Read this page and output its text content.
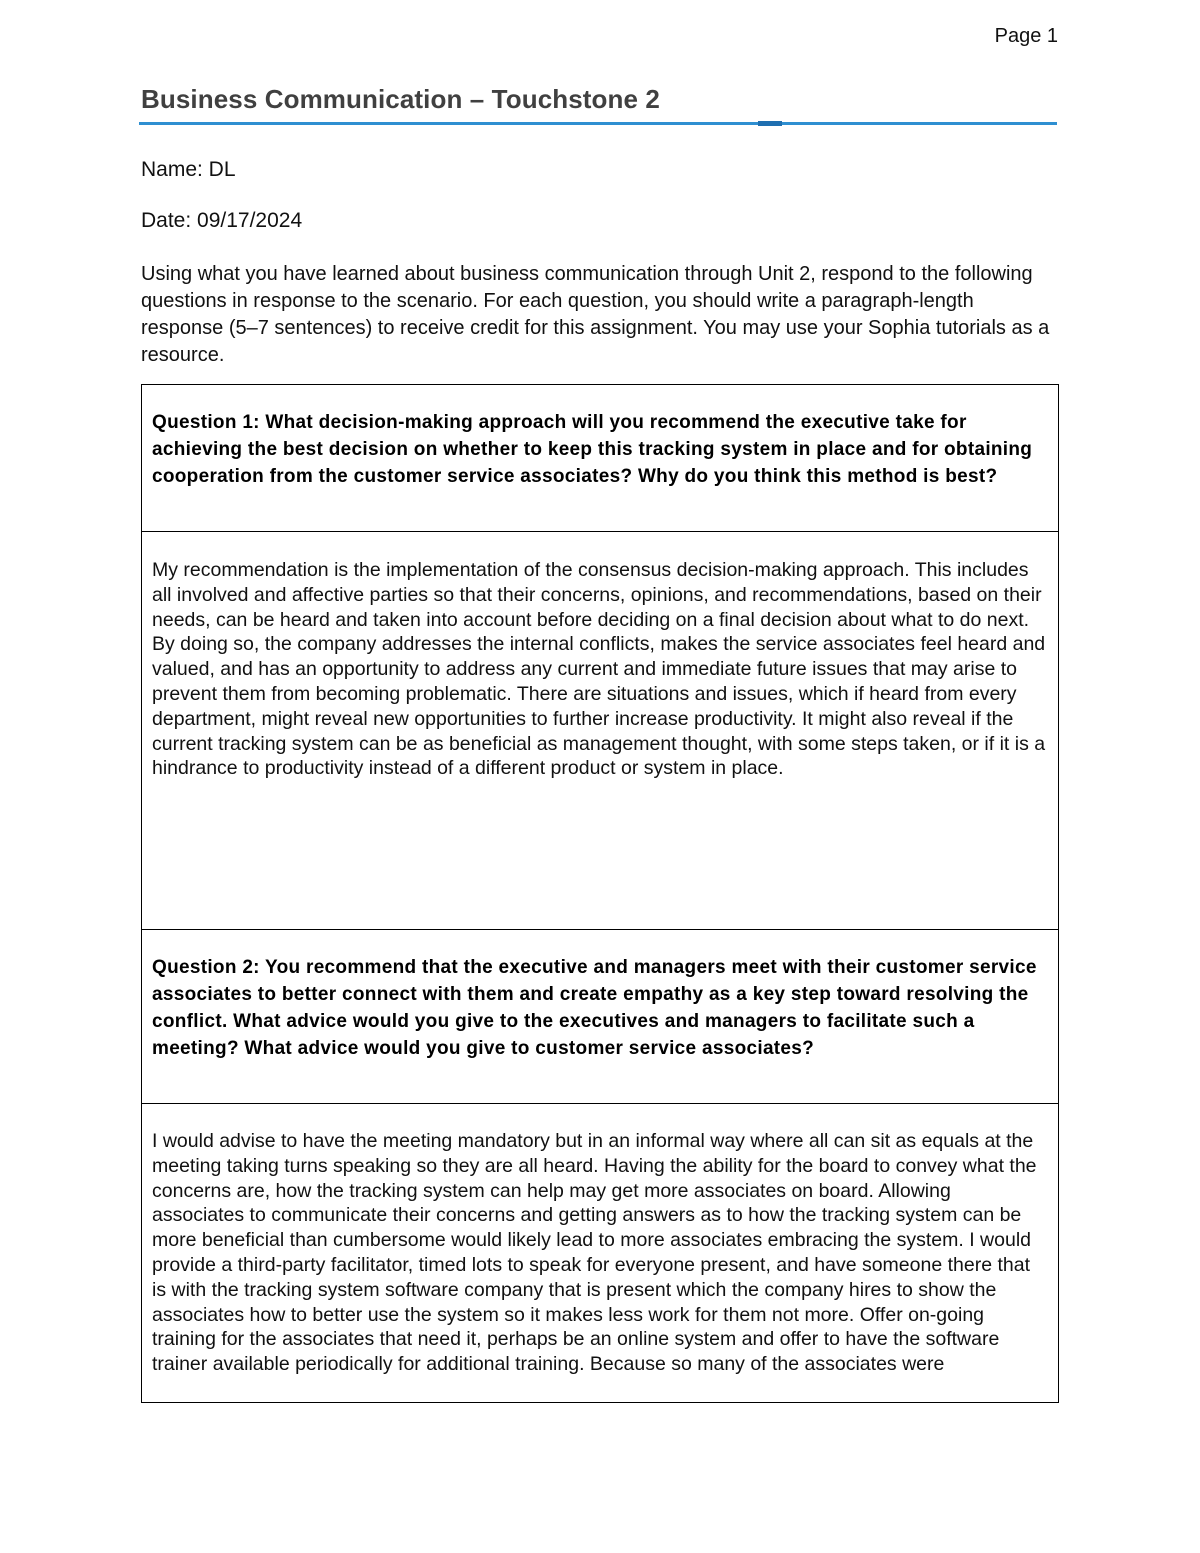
Page 1
Business Communication – Touchstone 2
Name: DL
Date: 09/17/2024

Using what you have learned about business communication through Unit 2, respond to the following questions in response to the scenario. For each question, you should write a paragraph-length response (5–7 sentences) to receive credit for this assignment. You may use your Sophia tutorials as a resource.

Question 1: What decision-making approach will you recommend the executive take for achieving the best decision on whether to keep this tracking system in place and for obtaining cooperation from the customer service associates? Why do you think this method is best?

My recommendation is the implementation of the consensus decision-making approach. This includes all involved and affective parties so that their concerns, opinions, and recommendations, based on their needs, can be heard and taken into account before deciding on a final decision about what to do next. By doing so, the company addresses the internal conflicts, makes the service associates feel heard and valued, and has an opportunity to address any current and immediate future issues that may arise to prevent them from becoming problematic. There are situations and issues, which if heard from every department, might reveal new opportunities to further increase productivity. It might also reveal if the current tracking system can be as beneficial as management thought, with some steps taken, or if it is a hindrance to productivity instead of a different product or system in place.

Question 2: You recommend that the executive and managers meet with their customer service associates to better connect with them and create empathy as a key step toward resolving the conflict. What advice would you give to the executives and managers to facilitate such a meeting? What advice would you give to customer service associates?

I would advise to have the meeting mandatory but in an informal way where all can sit as equals at the meeting taking turns speaking so they are all heard. Having the ability for the board to convey what the concerns are, how the tracking system can help may get more associates on board. Allowing associates to communicate their concerns and getting answers as to how the tracking system can be more beneficial than cumbersome would likely lead to more associates embracing the system. I would provide a third-party facilitator, timed lots to speak for everyone present, and have someone there that is with the tracking system software company that is present which the company hires to show the associates how to better use the system so it makes less work for them not more. Offer on-going training for the associates that need it, perhaps be an online system and offer to have the software trainer available periodically for additional training. Because so many of the associates were
